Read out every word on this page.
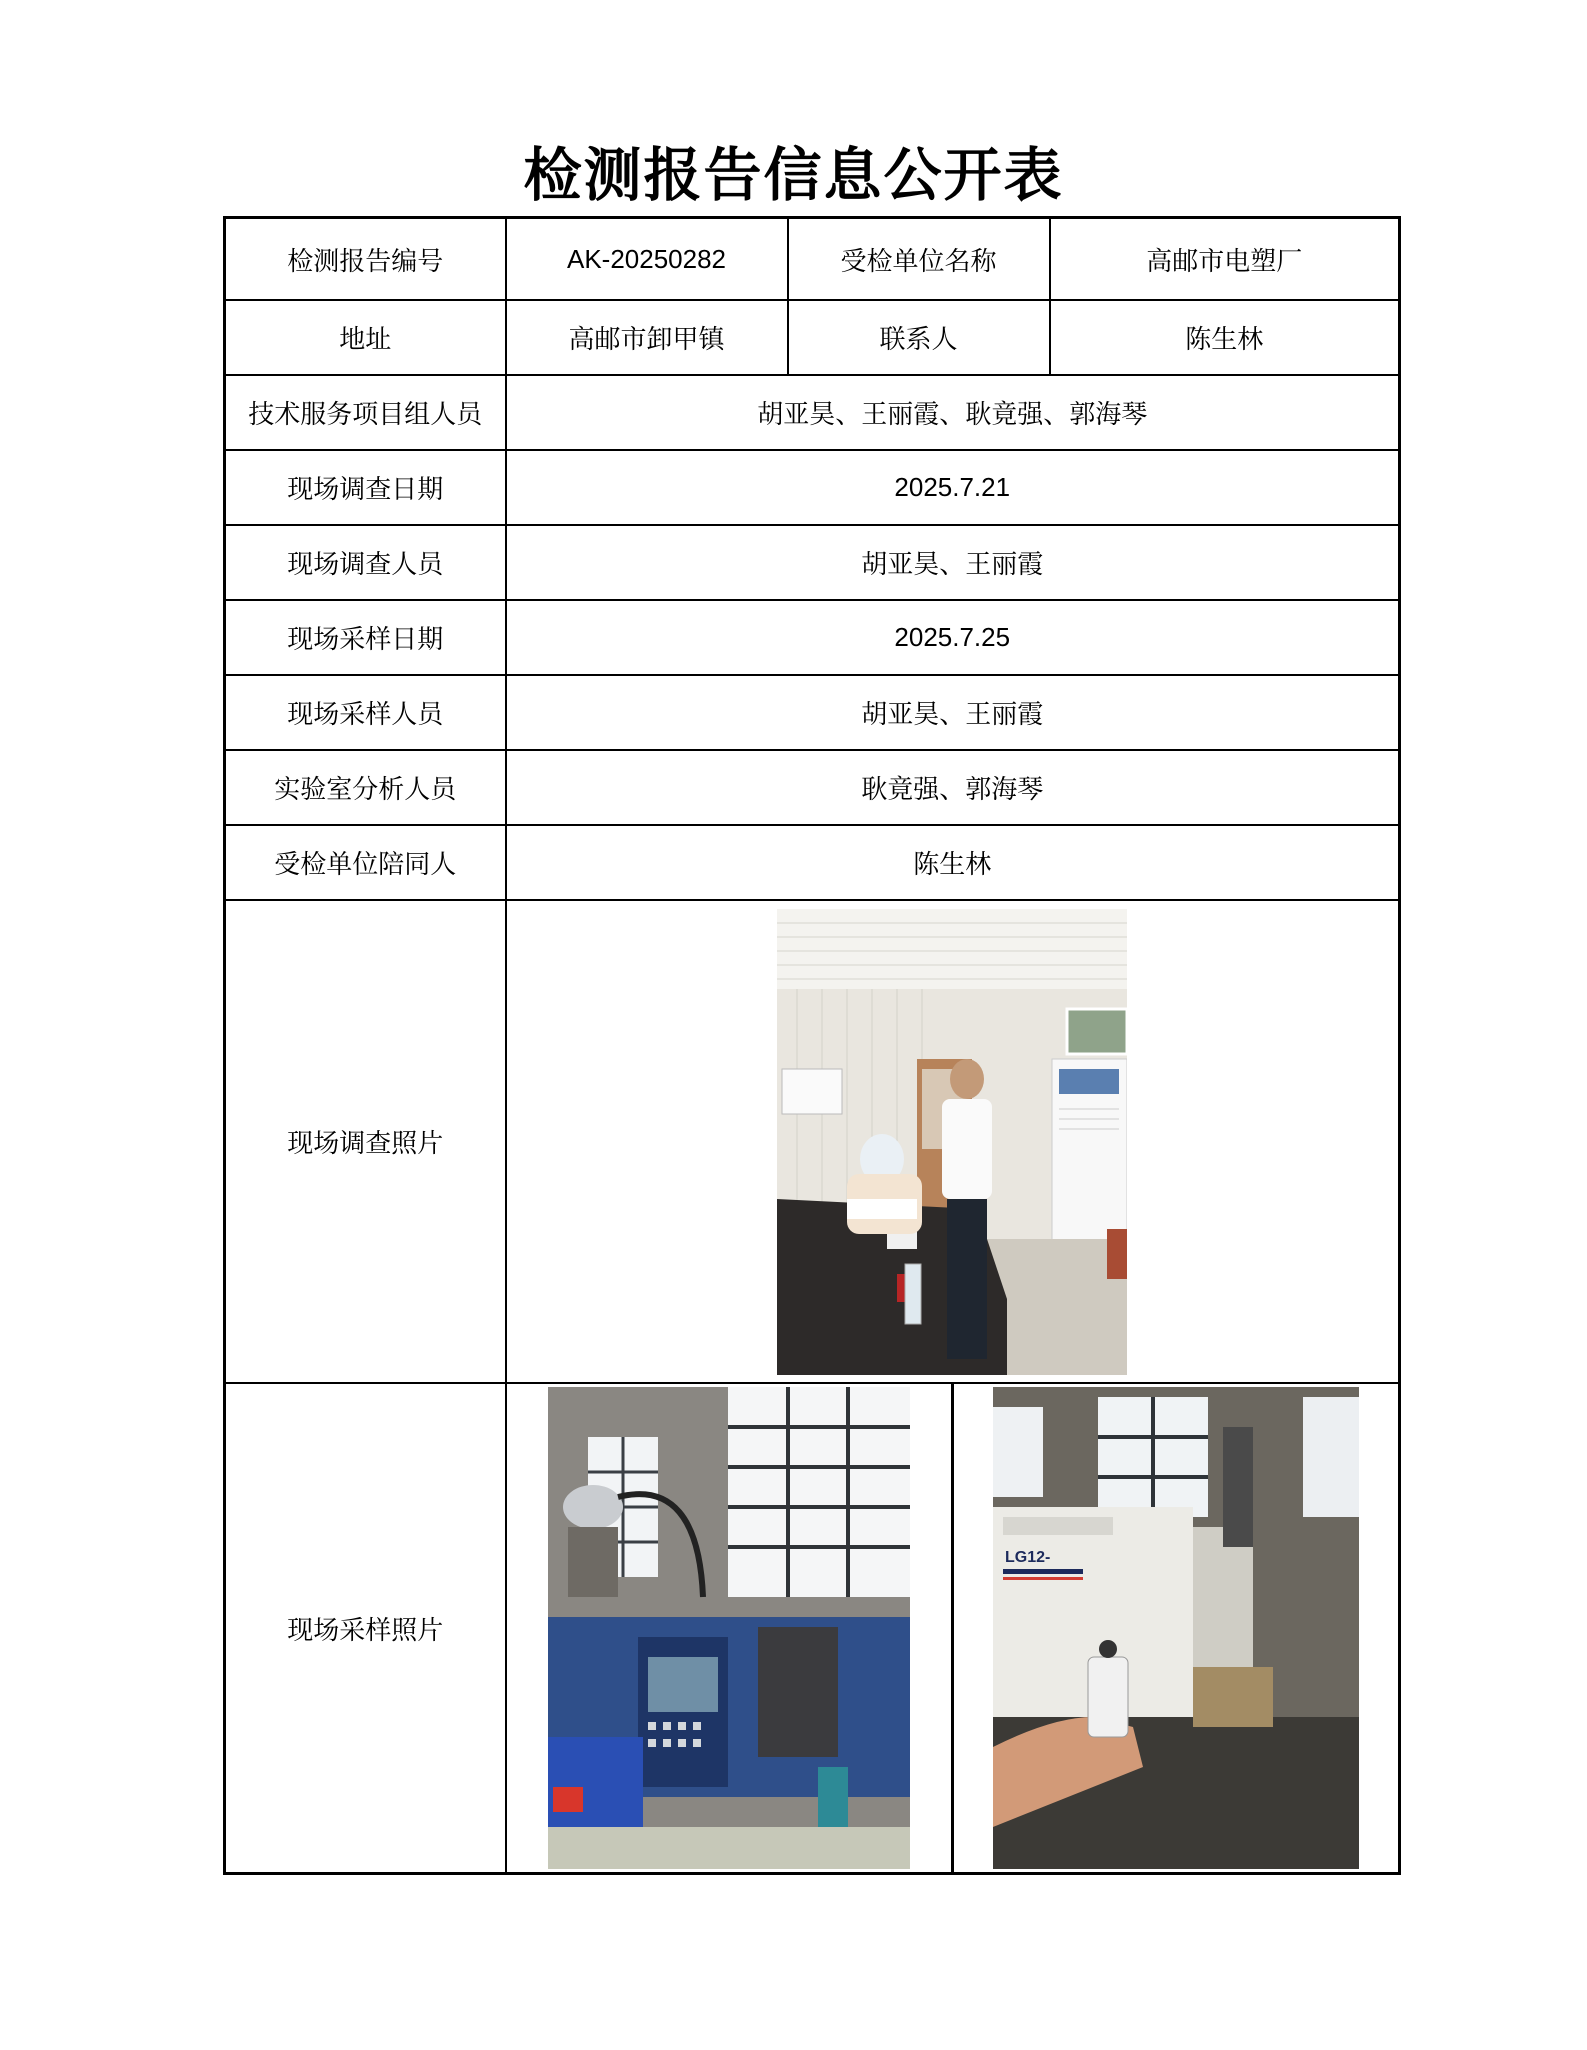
检测报告信息公开表
检测报告编号	AK-20250282	受检单位名称	高邮市电塑厂
地址	高邮市卸甲镇	联系人	陈生林
技术服务项目组人员	胡亚昊、王丽霞、耿竟强、郭海琴		
现场调查日期	2025.7.21		
现场调查人员	胡亚昊、王丽霞		
现场采样日期	2025.7.25		
现场采样人员	胡亚昊、王丽霞		
实验室分析人员	耿竟强、郭海琴		
受检单位陪同人	陈生林		
现场调查照片	

现场采样照片	LG12-		
